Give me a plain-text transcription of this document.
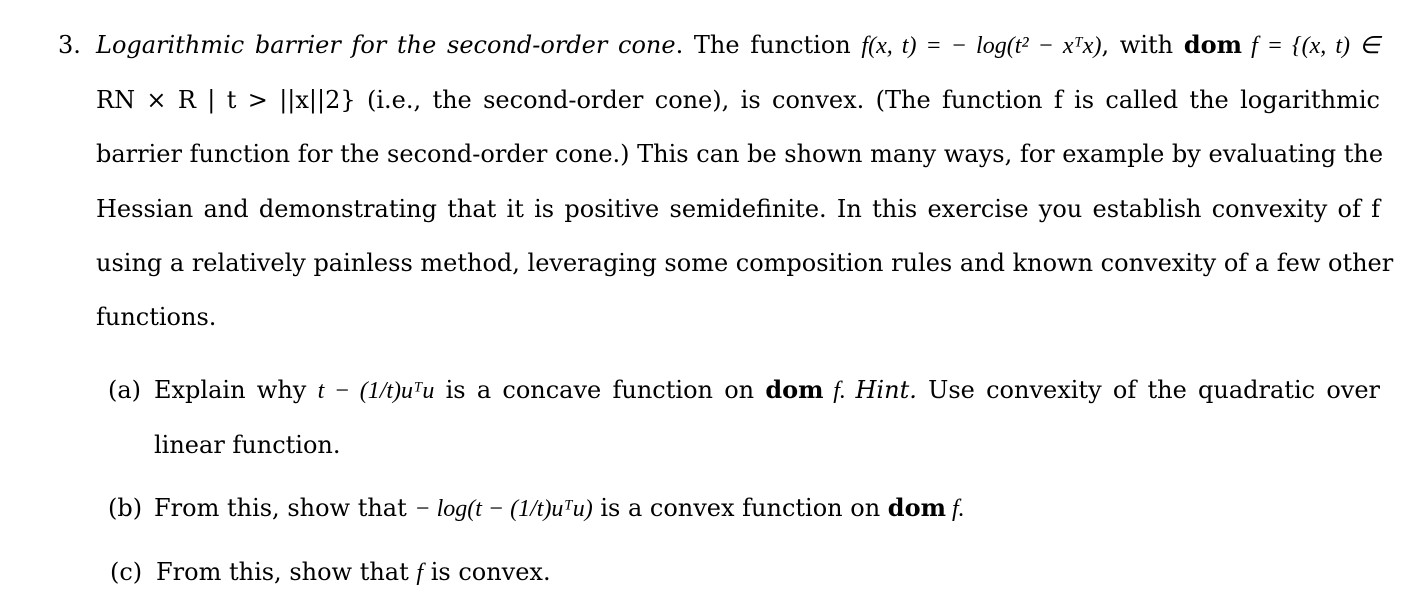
3. Logarithmic barrier for the second-order cone. The function f(x, t) = − log(t² − xᵀx), with dom f = {(x, t) ∈
RN × R | t > ||x||2} (i.e., the second-order cone), is convex. (The function f is called the logarithmic
barrier function for the second-order cone.) This can be shown many ways, for example by evaluating the
Hessian and demonstrating that it is positive semidefinite. In this exercise you establish convexity of f
using a relatively painless method, leveraging some composition rules and known convexity of a few other
functions.
(a) Explain why t − (1/t)uᵀu is a concave function on dom f. Hint. Use convexity of the quadratic over
linear function.
(b) From this, show that − log(t − (1/t)uᵀu) is a convex function on dom f.
(c) From this, show that f is convex.
